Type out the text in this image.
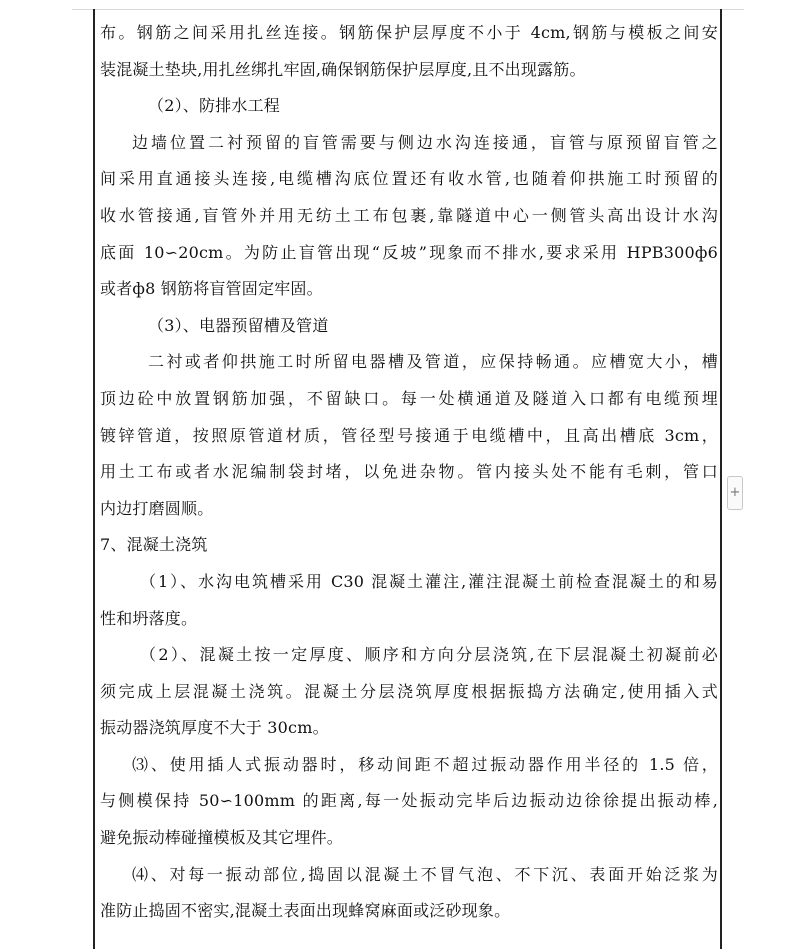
布。钢筋之间采用扎丝连接。钢筋保护层厚度不小于 4cm,钢筋与模板之间安
装混凝土垫块,用扎丝绑扎牢固,确保钢筋保护层厚度,且不出现露筋。
（2）、防排水工程
边墙位置二衬预留的盲管需要与侧边水沟连接通，盲管与原预留盲管之
间采用直通接头连接,电缆槽沟底位置还有收水管,也随着仰拱施工时预留的
收水管接通,盲管外并用无纺土工布包裹,靠隧道中心一侧管头高出设计水沟
底面 10∽20cm。为防止盲管出现“反坡”现象而不排水,要求采用 HPB300ф6
或者ф8 钢筋将盲管固定牢固。
（3）、电器预留槽及管道
二衬或者仰拱施工时所留电器槽及管道，应保持畅通。应槽宽大小，槽
顶边砼中放置钢筋加强，不留缺口。每一处横通道及隧道入口都有电缆预埋
镀锌管道，按照原管道材质，管径型号接通于电缆槽中，且高出槽底 3cm，
用土工布或者水泥编制袋封堵，以免进杂物。管内接头处不能有毛刺，管口
内边打磨圆顺。
7、混凝土浇筑
（1）、水沟电筑槽采用 C30 混凝土灌注,灌注混凝土前检查混凝土的和易
性和坍落度。
（2）、混凝土按一定厚度、顺序和方向分层浇筑,在下层混凝土初凝前必
须完成上层混凝土浇筑。混凝土分层浇筑厚度根据振捣方法确定,使用插入式
振动器浇筑厚度不大于 30cm。
⑶、使用插人式振动器时，移动间距不超过振动器作用半径的 1.5 倍，
与侧模保持 50∽100mm 的距离,每一处振动完毕后边振动边徐徐提出振动棒,
避免振动棒碰撞模板及其它埋件。
⑷、对每一振动部位,捣固以混凝土不冒气泡、不下沉、表面开始泛浆为
准防止捣固不密实,混凝土表面出现蜂窝麻面或泛砂现象。
+
